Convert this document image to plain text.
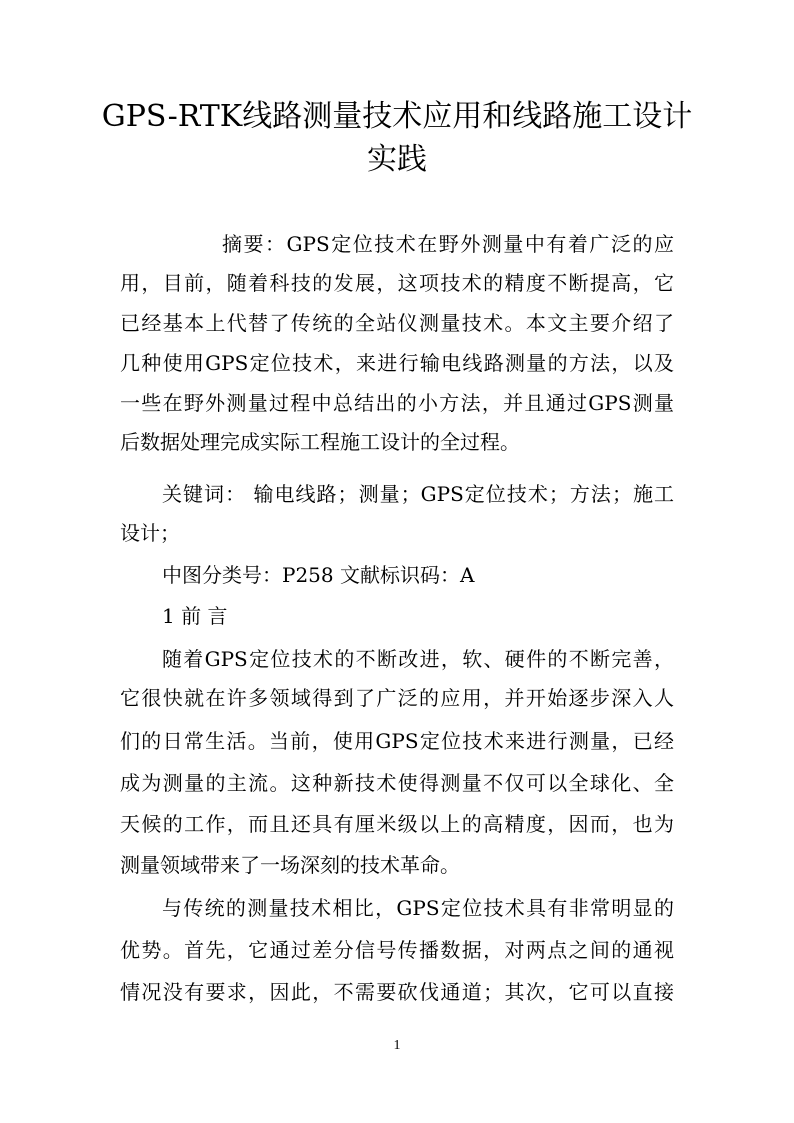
GPS-RTK线路测量技术应用和线路施工设计
实践
摘要：GPS定位技术在野外测量中有着广泛的应
用，目前，随着科技的发展，这项技术的精度不断提高，它
已经基本上代替了传统的全站仪测量技术。本文主要介绍了
几种使用GPS定位技术，来进行输电线路测量的方法，以及
一些在野外测量过程中总结出的小方法，并且通过GPS测量
后数据处理完成实际工程施工设计的全过程。
关键词： 输电线路；测量；GPS定位技术；方法；施工
设计；
中图分类号：P258 文献标识码：A
1 前 言
随着GPS定位技术的不断改进，软、硬件的不断完善，
它很快就在许多领域得到了广泛的应用，并开始逐步深入人
们的日常生活。当前，使用GPS定位技术来进行测量，已经
成为测量的主流。这种新技术使得测量不仅可以全球化、全
天候的工作，而且还具有厘米级以上的高精度，因而，也为
测量领域带来了一场深刻的技术革命。
与传统的测量技术相比，GPS定位技术具有非常明显的
优势。首先，它通过差分信号传播数据，对两点之间的通视
情况没有要求，因此，不需要砍伐通道；其次，它可以直接
1
